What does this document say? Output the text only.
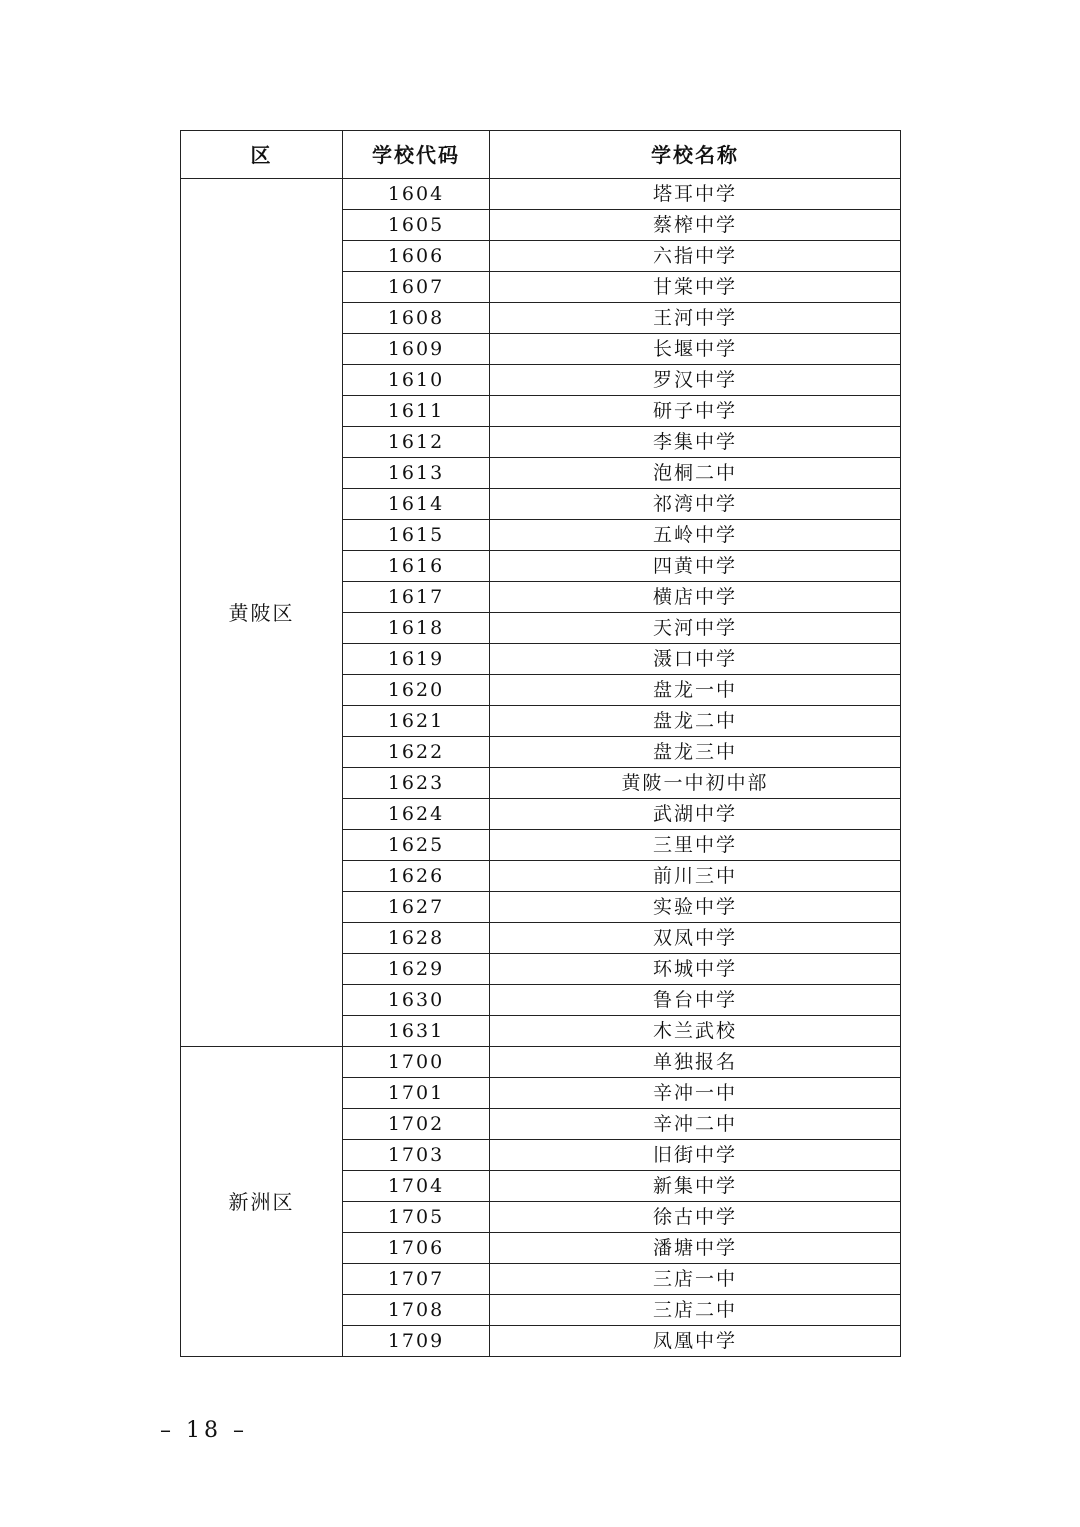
区	学校代码	学校名称
黄陂区	1604	塔耳中学
	1605	蔡榨中学
	1606	六指中学
	1607	甘棠中学
	1608	王河中学
	1609	长堰中学
	1610	罗汉中学
	1611	研子中学
	1612	李集中学
	1613	泡桐二中
	1614	祁湾中学
	1615	五岭中学
	1616	四黄中学
	1617	横店中学
	1618	天河中学
	1619	滠口中学
	1620	盘龙一中
	1621	盘龙二中
	1622	盘龙三中
	1623	黄陂一中初中部
	1624	武湖中学
	1625	三里中学
	1626	前川三中
	1627	实验中学
	1628	双凤中学
	1629	环城中学
	1630	鲁台中学
	1631	木兰武校
新洲区	1700	单独报名
	1701	辛冲一中
	1702	辛冲二中
	1703	旧街中学
	1704	新集中学
	1705	徐古中学
	1706	潘塘中学
	1707	三店一中
	1708	三店二中
	1709	凤凰中学
– 18 –
